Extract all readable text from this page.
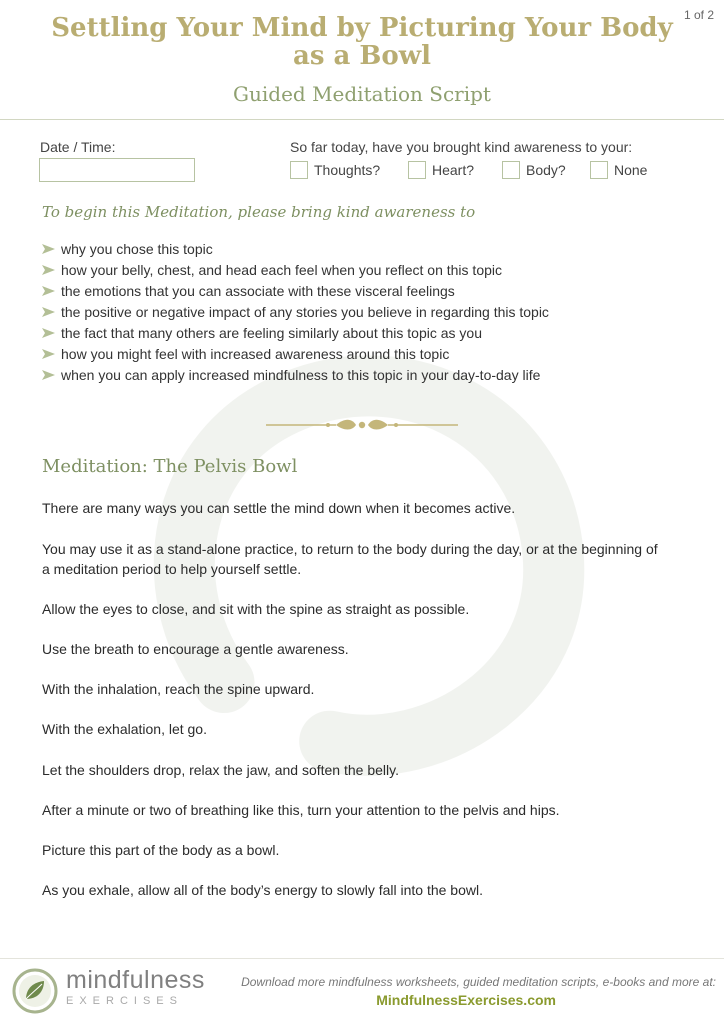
1 of 2
Settling Your Mind by Picturing Your Body
as a Bowl
Guided Meditation Script
Date / Time:	So far today, have you brought kind awareness to your:
Thoughts?	Heart?	Body?	None
To begin this Meditation, please bring kind awareness to
why you chose this topic
how your belly, chest, and head each feel when you reflect on this topic
the emotions that you can associate with these visceral feelings
the positive or negative impact of any stories you believe in regarding this topic
the fact that many others are feeling similarly about this topic as you
how you might feel with increased awareness around this topic
when you can apply increased mindfulness to this topic in your day-to-day life
Meditation: The Pelvis Bowl

There are many ways you can settle the mind down when it becomes active.

You may use it as a stand-alone practice, to return to the body during the day, or at the beginning of a meditation period to help yourself settle.

Allow the eyes to close, and sit with the spine as straight as possible.

Use the breath to encourage a gentle awareness.

With the inhalation, reach the spine upward.

With the exhalation, let go.

Let the shoulders drop, relax the jaw, and soften the belly.

After a minute or two of breathing like this, turn your attention to the pelvis and hips.

Picture this part of the body as a bowl.

As you exhale, allow all of the body’s energy to slowly fall into the bowl.

mindfulness
EXERCISES
Download more mindfulness worksheets, guided meditation scripts, e-books and more at:
MindfulnessExercises.com
